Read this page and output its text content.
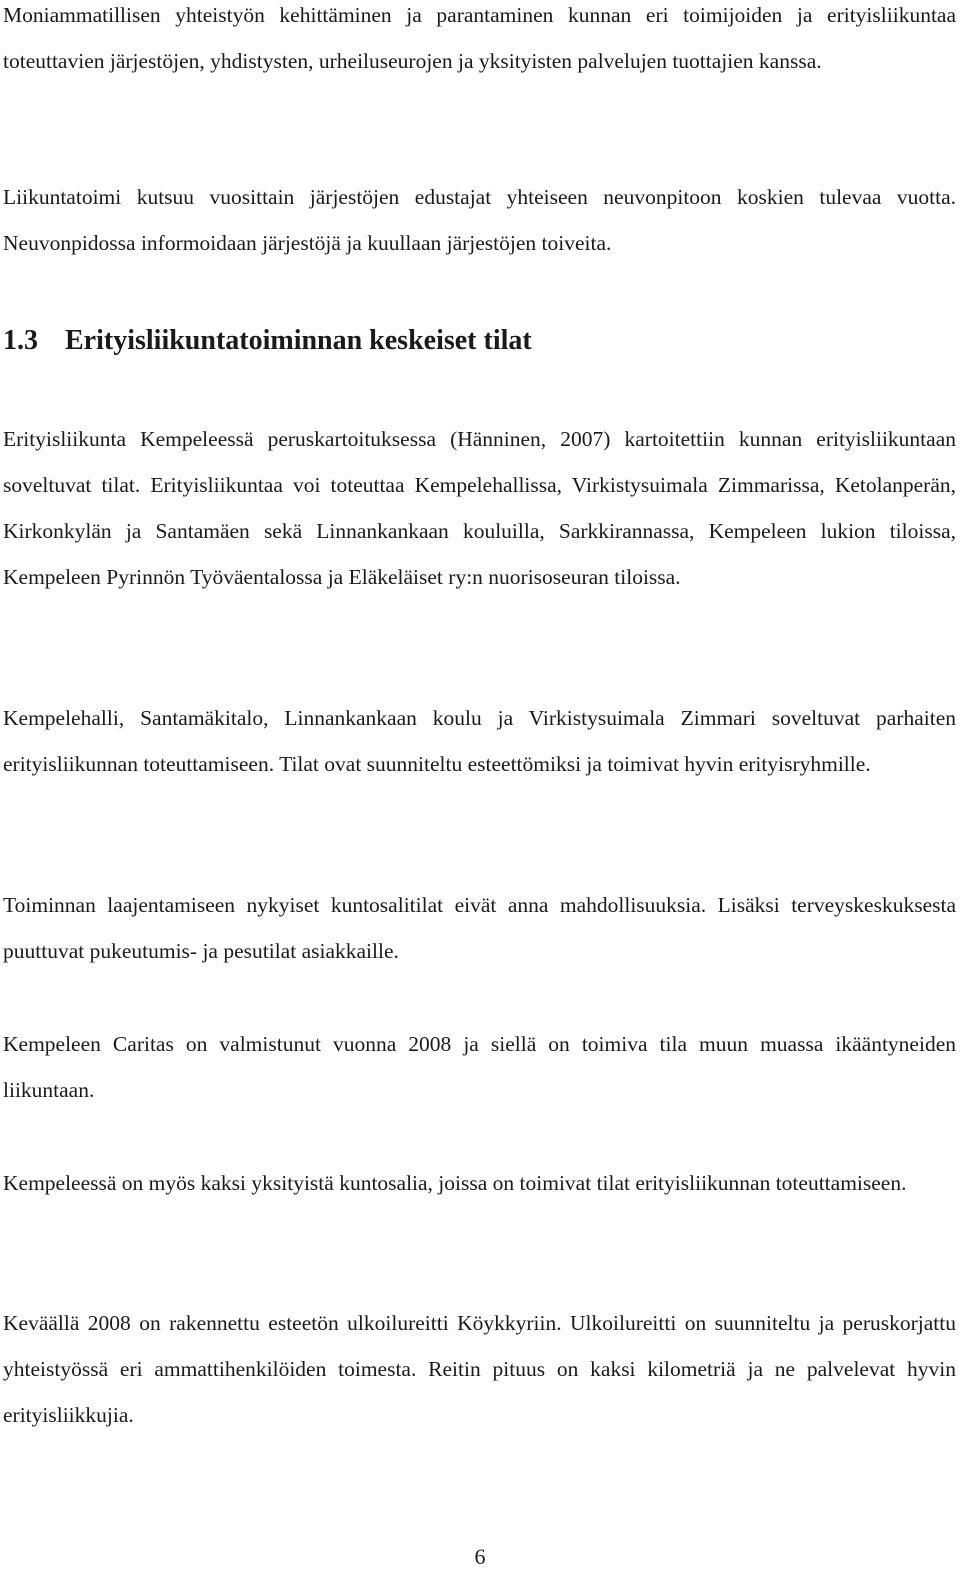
Moniammatillisen yhteistyön kehittäminen ja parantaminen kunnan eri toimijoiden ja erityisliikuntaa toteuttavien järjestöjen, yhdistysten, urheiluseurojen ja yksityisten palvelujen tuottajien kanssa.

Liikuntatoimi kutsuu vuosittain järjestöjen edustajat yhteiseen neuvonpitoon koskien tulevaa vuotta. Neuvonpidossa informoidaan järjestöjä ja kuullaan järjestöjen toiveita.

1.3 Erityisliikuntatoiminnan keskeiset tilat

Erityisliikunta Kempeleessä peruskartoituksessa (Hänninen, 2007) kartoitettiin kunnan erityisliikuntaan soveltuvat tilat. Erityisliikuntaa voi toteuttaa Kempelehallissa, Virkistysuimala Zimmarissa, Ketolanperän, Kirkonkylän ja Santamäen sekä Linnankankaan kouluilla, Sarkkirannassa, Kempeleen lukion tiloissa, Kempeleen Pyrinnön Työväentalossa ja Eläkeläiset ry:n nuorisoseuran tiloissa.

Kempelehalli, Santamäkitalo, Linnankankaan koulu ja Virkistysuimala Zimmari soveltuvat parhaiten erityisliikunnan toteuttamiseen. Tilat ovat suunniteltu esteettömiksi ja toimivat hyvin erityisryhmille.

Toiminnan laajentamiseen nykyiset kuntosalitilat eivät anna mahdollisuuksia. Lisäksi terveyskeskuksesta puuttuvat pukeutumis- ja pesutilat asiakkaille.

Kempeleen Caritas on valmistunut vuonna 2008 ja siellä on toimiva tila muun muassa ikääntyneiden liikuntaan.

Kempeleessä on myös kaksi yksityistä kuntosalia, joissa on toimivat tilat erityisliikunnan toteuttamiseen.

Keväällä 2008 on rakennettu esteetön ulkoilureitti Köykkyriin. Ulkoilureitti on suunniteltu ja peruskorjattu yhteistyössä eri ammattihenkilöiden toimesta. Reitin pituus on kaksi kilometriä ja ne palvelevat hyvin erityisliikkujia.

6
